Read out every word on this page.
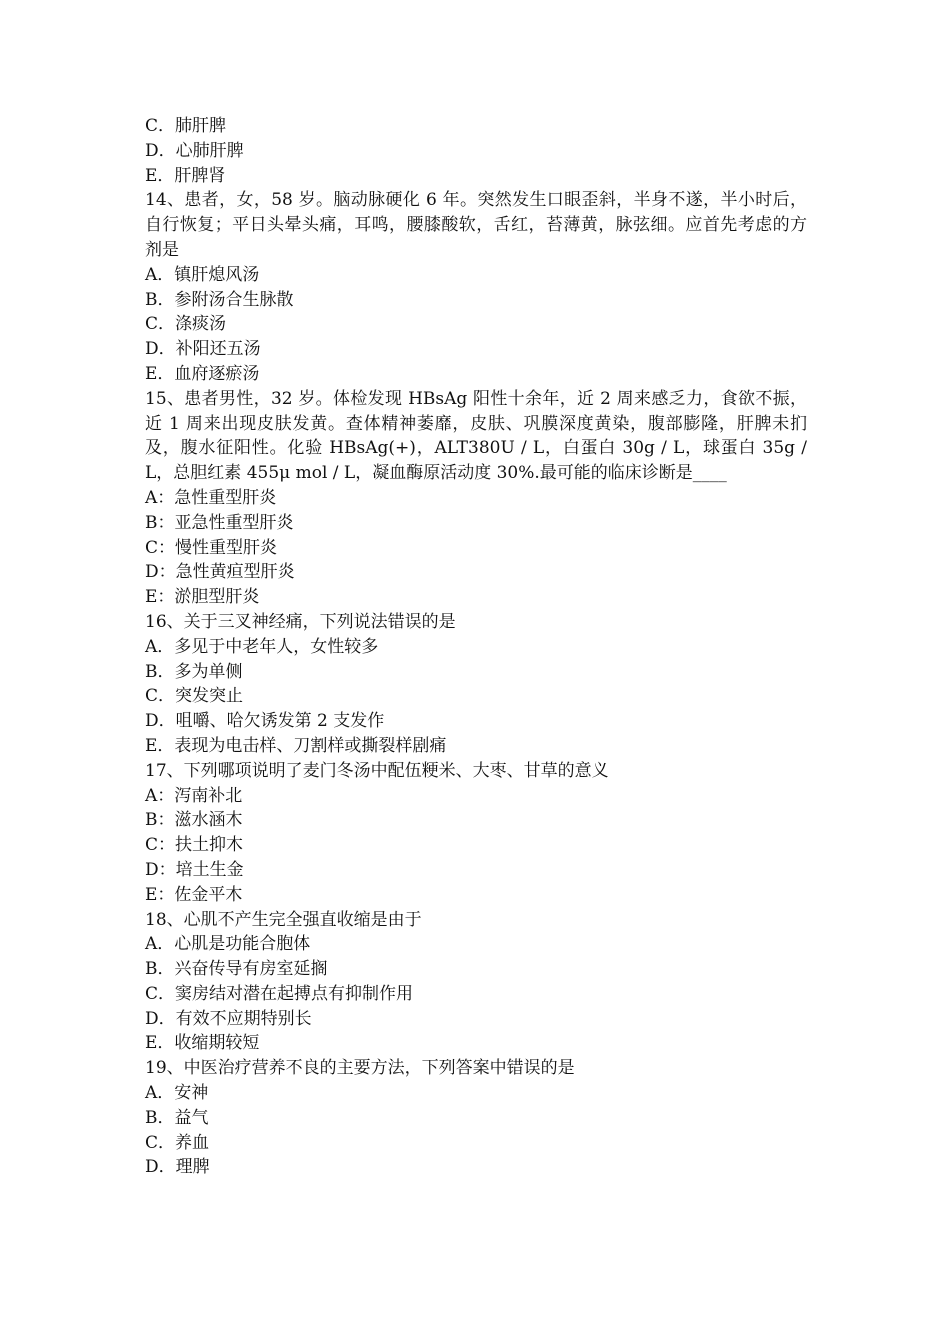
C．肺肝脾
D．心肺肝脾
E．肝脾肾
14、患者，女，58 岁。脑动脉硬化 6 年。突然发生口眼歪斜，半身不遂，半小时后，自行恢复；平日头晕头痛，耳鸣，腰膝酸软，舌红，苔薄黄，脉弦细。应首先考虑的方剂是
A．镇肝熄风汤
B．参附汤合生脉散
C．涤痰汤
D．补阳还五汤
E．血府逐瘀汤
15、患者男性，32 岁。体检发现 HBsAg 阳性十余年，近 2 周来感乏力，食欲不振，近 1 周来出现皮肤发黄。查体精神萎靡，皮肤、巩膜深度黄染，腹部膨隆，肝脾未扪及，腹水征阳性。化验 HBsAg(+)，ALT380U / L，白蛋白 30g / L，球蛋白 35g / L，总胆红素 455μ mol / L，凝血酶原活动度 30%.最可能的临床诊断是____
A：急性重型肝炎
B：亚急性重型肝炎
C：慢性重型肝炎
D：急性黄疸型肝炎
E：淤胆型肝炎
16、关于三叉神经痛，下列说法错误的是
A．多见于中老年人，女性较多
B．多为单侧
C．突发突止
D．咀嚼、哈欠诱发第 2 支发作
E．表现为电击样、刀割样或撕裂样剧痛
17、下列哪项说明了麦门冬汤中配伍粳米、大枣、甘草的意义
A：泻南补北
B：滋水涵木
C：扶土抑木
D：培土生金
E：佐金平木
18、心肌不产生完全强直收缩是由于
A．心肌是功能合胞体
B．兴奋传导有房室延搁
C．窦房结对潜在起搏点有抑制作用
D．有效不应期特别长
E．收缩期较短
19、中医治疗营养不良的主要方法，下列答案中错误的是
A．安神
B．益气
C．养血
D．理脾
